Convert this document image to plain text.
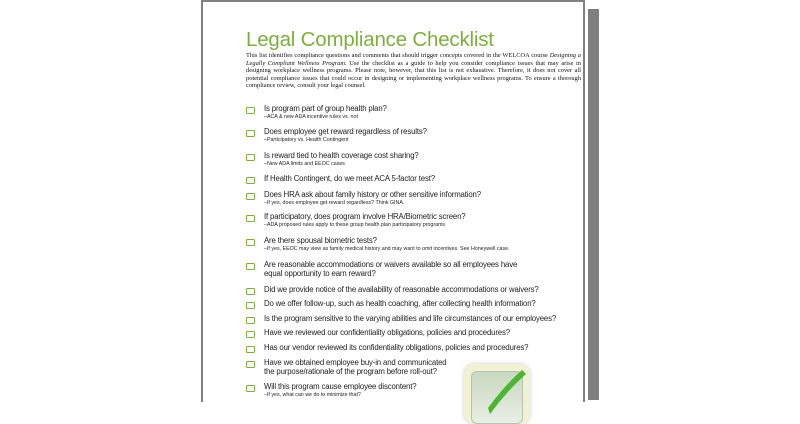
Legal Compliance Checklist
This list identifies compliance questions and comments that should trigger concepts covered in the WELCOA course Designing a Legally Compliant Wellness Program. Use the checklist as a guide to help you consider compliance issues that may arise in designing workplace wellness programs. Please note, however, that this list is not exhaustive. Therefore, it does not cover all potential compliance issues that could occur in designing or implementing workplace wellness programs. To ensure a thorough compliance review, consult your legal counsel.
Is program part of group health plan?
–ACA & new ADA incentive rules vs. not
Does employee get reward regardless of results?
–Participatory vs. Health Contingent
Is reward tied to health coverage cost sharing?
–New ADA limits and EEOC cases
If Health Contingent, do we meet ACA 5-factor test?
Does HRA ask about family history or other sensitive information?
–If yes, does employee get reward regardless? Think GINA.
If participatory, does program involve HRA/Biometric screen?
–ADA proposed rules apply to these group health plan participatory programs
Are there spousal biometric tests?
–If yes, EEOC may view as family medical history and may want to omit incentives. See Honeywell case.
Are reasonable accommodations or waivers available so all employees have
equal opportunity to earn reward?
Did we provide notice of the availability of reasonable accommodations or waivers?
Do we offer follow-up, such as health coaching, after collecting health information?
Is the program sensitive to the varying abilities and life circumstances of our employees?
Have we reviewed our confidentiality obligations, policies and procedures?
Has our vendor reviewed its confidentiality obligations, policies and procedures?
Have we obtained employee buy-in and communicated
the purpose/rationale of the program before roll-out?
Will this program cause employee discontent?
–If yes, what can we do to minimize that?
